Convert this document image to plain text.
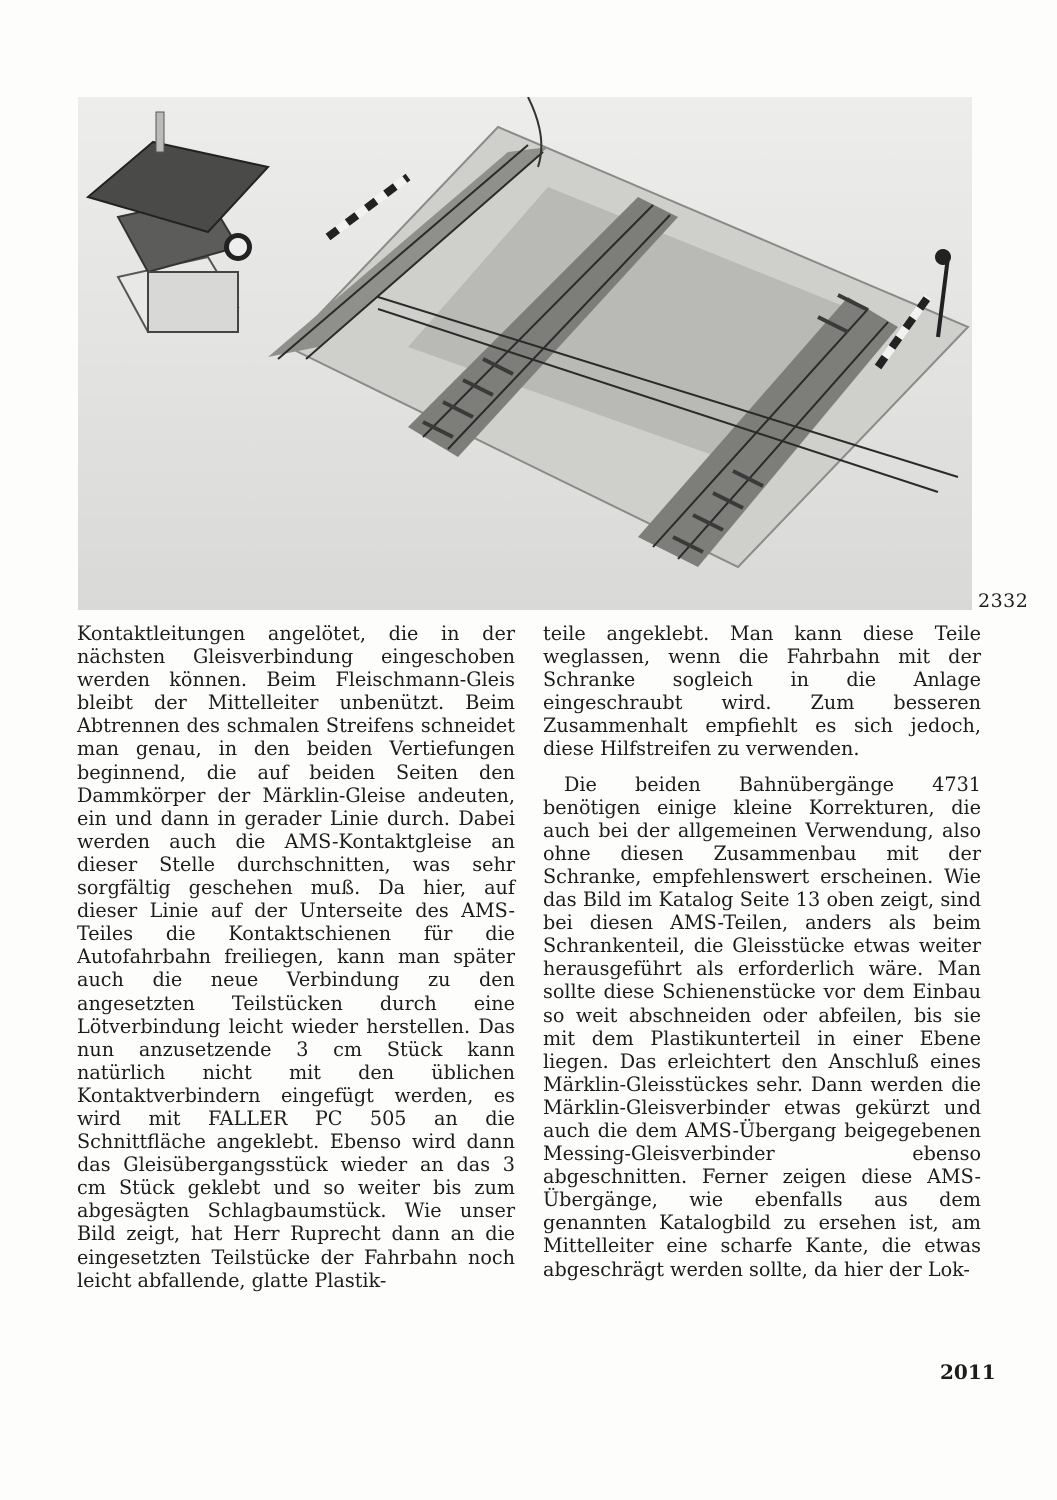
2332

Kontaktleitungen angelötet, die in der nächsten Gleisverbindung eingeschoben werden können. Beim Fleischmann-Gleis bleibt der Mittelleiter unbenützt. Beim Abtrennen des schmalen Streifens schneidet man genau, in den beiden Vertiefungen beginnend, die auf beiden Seiten den Dammkörper der Märklin-Gleise andeuten, ein und dann in gerader Linie durch. Dabei werden auch die AMS-Kontaktgleise an dieser Stelle durchschnitten, was sehr sorgfältig geschehen muß. Da hier, auf dieser Linie auf der Unterseite des AMS-Teiles die Kontaktschienen für die Autofahrbahn freiliegen, kann man später auch die neue Verbindung zu den angesetzten Teilstücken durch eine Lötverbindung leicht wieder herstellen. Das nun anzusetzende 3 cm Stück kann natürlich nicht mit den üblichen Kontaktverbindern eingefügt werden, es wird mit FALLER PC 505 an die Schnittfläche angeklebt. Ebenso wird dann das Gleisübergangsstück wieder an das 3 cm Stück geklebt und so weiter bis zum abgesägten Schlagbaumstück. Wie unser Bild zeigt, hat Herr Ruprecht dann an die eingesetzten Teilstücke der Fahrbahn noch leicht abfallende, glatte Plastik-

teile angeklebt. Man kann diese Teile weglassen, wenn die Fahrbahn mit der Schranke sogleich in die Anlage eingeschraubt wird. Zum besseren Zusammenhalt empfiehlt es sich jedoch, diese Hilfstreifen zu verwenden.

Die beiden Bahnübergänge 4731 benötigen einige kleine Korrekturen, die auch bei der allgemeinen Verwendung, also ohne diesen Zusammenbau mit der Schranke, empfehlenswert erscheinen. Wie das Bild im Katalog Seite 13 oben zeigt, sind bei diesen AMS-Teilen, anders als beim Schrankenteil, die Gleisstücke etwas weiter herausgeführt als erforderlich wäre. Man sollte diese Schienenstücke vor dem Einbau so weit abschneiden oder abfeilen, bis sie mit dem Plastikunterteil in einer Ebene liegen. Das erleichtert den Anschluß eines Märklin-Gleisstückes sehr. Dann werden die Märklin-Gleisverbinder etwas gekürzt und auch die dem AMS-Übergang beigegebenen Messing-Gleisverbinder ebenso abgeschnitten. Ferner zeigen diese AMS-Übergänge, wie ebenfalls aus dem genannten Katalogbild zu ersehen ist, am Mittelleiter eine scharfe Kante, die etwas abgeschrägt werden sollte, da hier der Lok-

2011
